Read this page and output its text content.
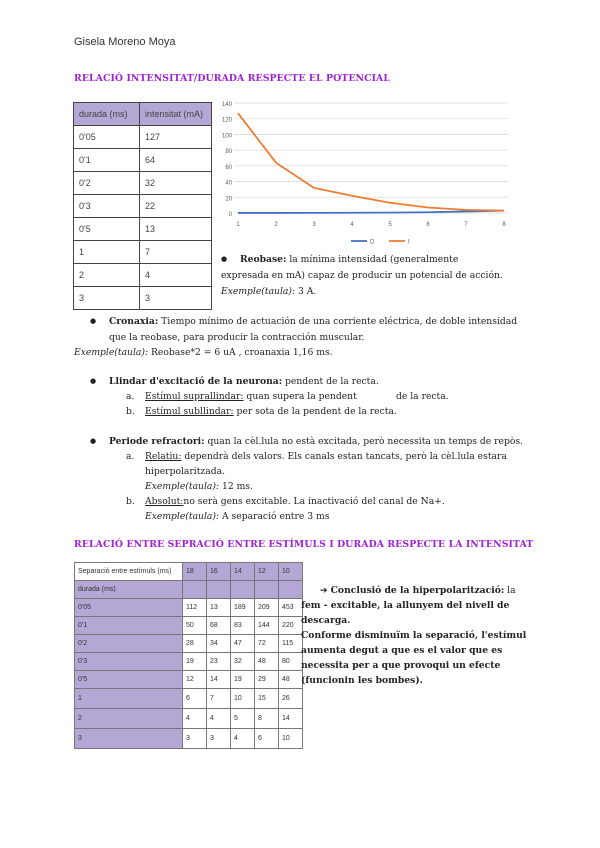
Gisela Moreno Moya
RELACIÓ INTENSITAT/DURADA RESPECTE EL POTENCIAL
durada (ms)	intensitat (mA)
0'05	127
0'1	64
0'2	32
0'3	22
0'5	13
1	7
2	4
3	3
0
20
40
60
80
100
120
140
1	2	3	4	5	6	7	8
D	I
● Reobase: la mínima intensidad (generalmente
expresada en mA) capaz de producir un potencial de acción.
Exemple(taula): 3 A.
● Cronaxia: Tiempo mínimo de actuación de una corriente eléctrica, de doble intensidad
que la reobase, para producir la contracción muscular.
Exemple(taula): Reobase*2 = 6 uA , croanaxia 1,16 ms.
● Llindar d'excitació de la neurona: pendent de la recta.
a. Estímul suprallindar: quan supera la pendent	de la recta.
b. Estímul subllindar: per sota de la pendent de la recta.
● Periode refractori: quan la cèl.lula no està excitada, però necessita un temps de repòs.
a. Relatiu: dependrà dels valors. Els canals estan tancats, però la cèl.lula estara
hiperpolaritzada.
Exemple(taula): 12 ms.
b. Absolut:no serà gens excitable. La inactivació del canal de Na+.
Exemple(taula): A separació entre 3 ms
RELACIÓ ENTRE SEPRACIÓ ENTRE ESTÍMULS I DURADA RESPECTE LA INTENSITAT
Separació entre estímuls (ms)	18	16	14	12	10
durada (ms)					
0'05	112	13	189	209	453
0'1	50	68	83	144	220
0'2	28	34	47	72	115
0'3	19	23	32	48	80
0'5	12	14	19	29	48
1	6	7	10	15	26
2	4	4	5	8	14
3	3	3	4	6	10
➔ Conclusió de la hiperpolarització: la
fem - excitable, la allunyem del nivell de
descarga.
Conforme disminuïm la separació, l'estímul
aumenta degut a que es el valor que es
necessita per a que provoqui un efecte
(funcionin les bombes).
